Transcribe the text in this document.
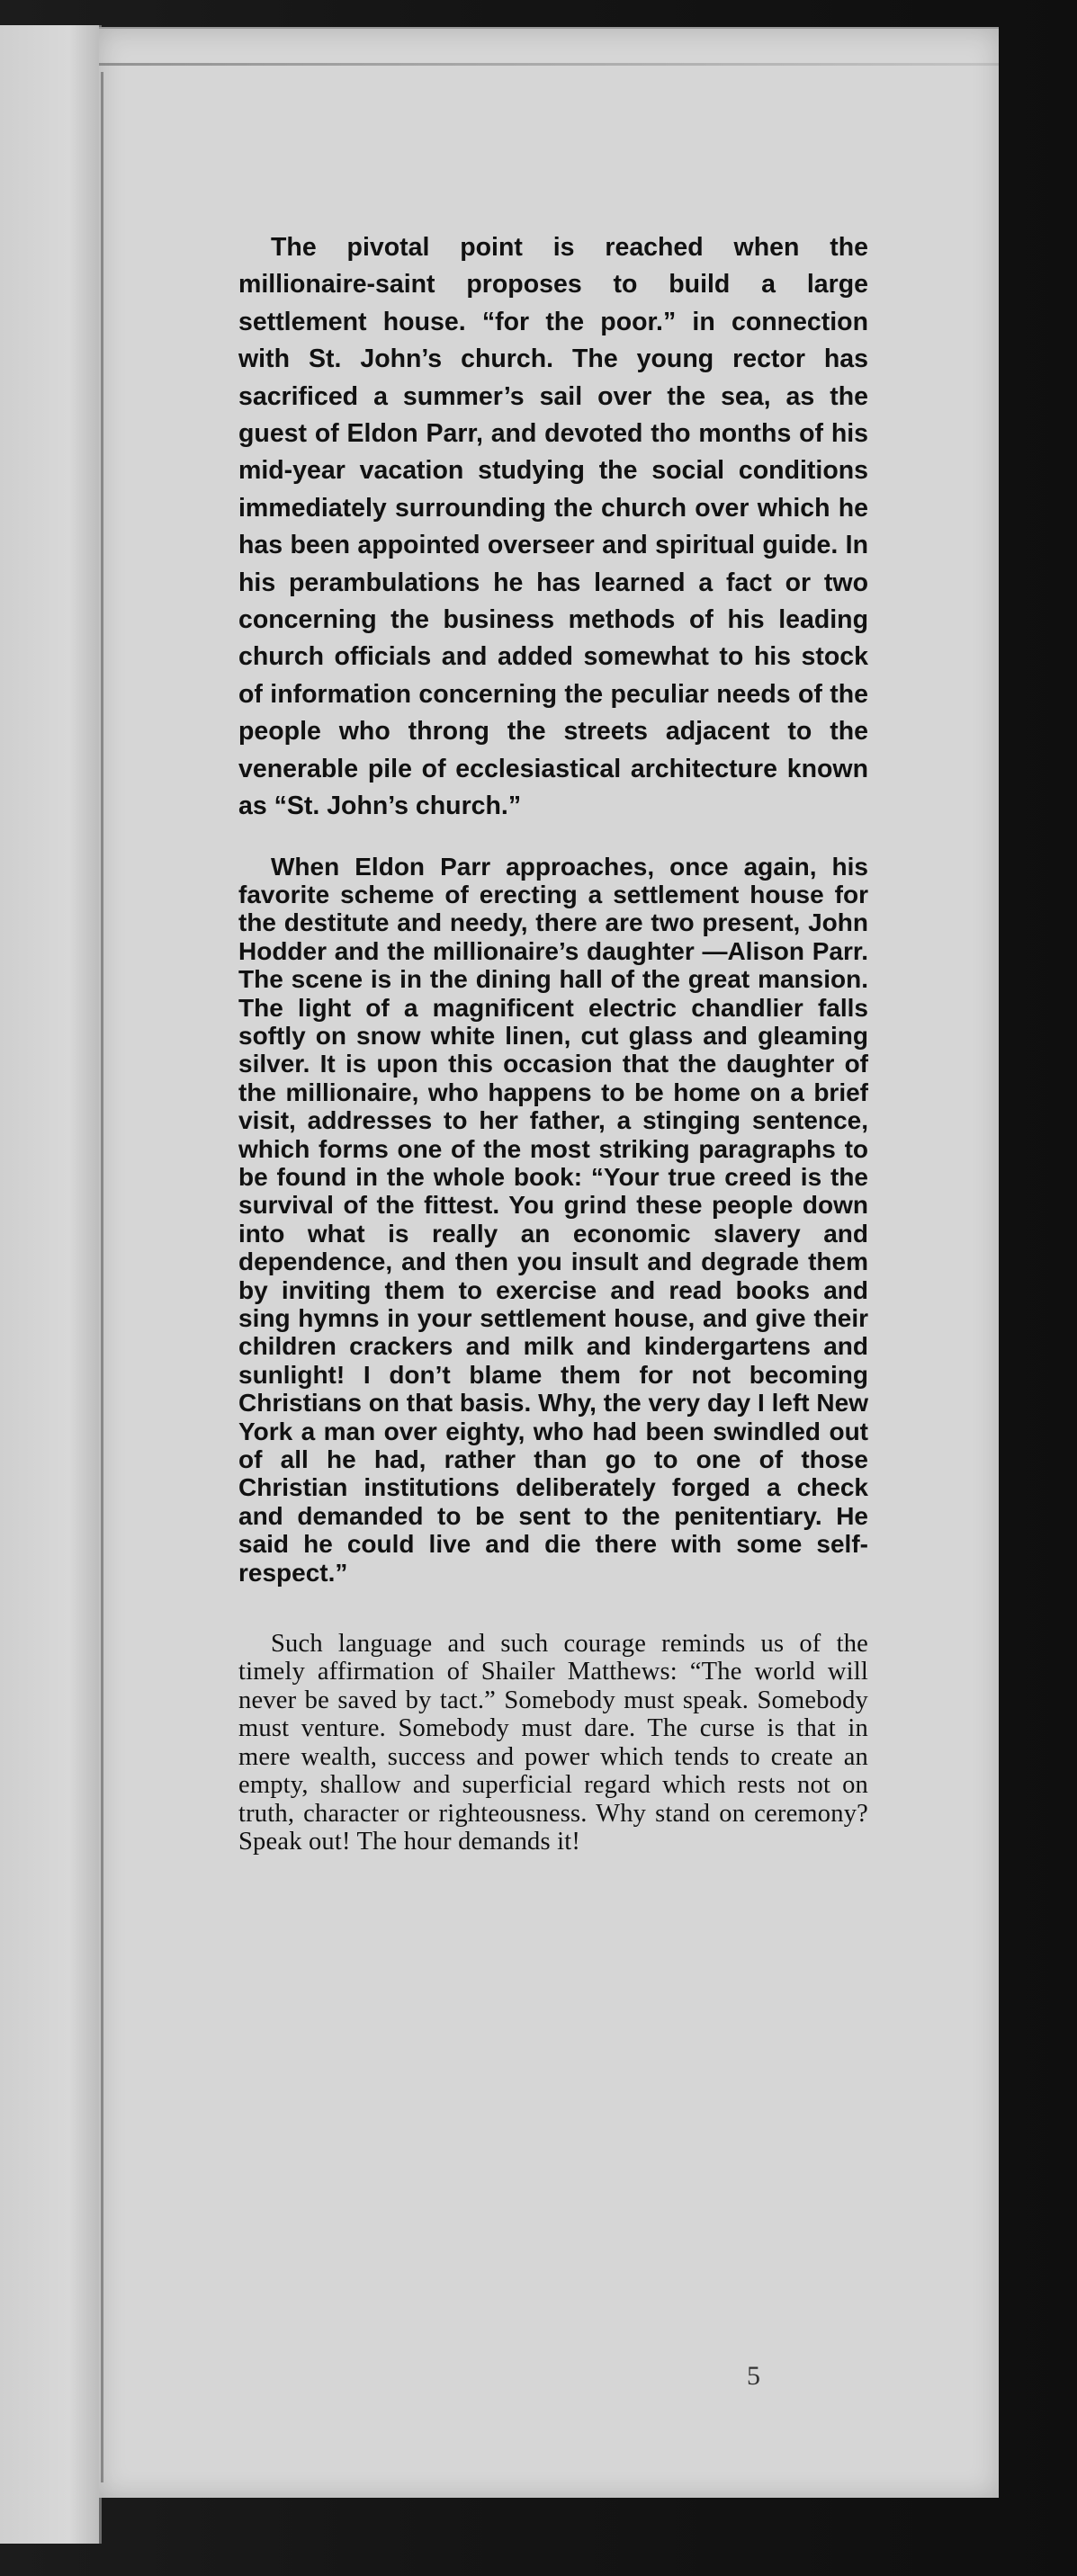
The pivotal point is reached when the millionaire-saint proposes to build a large settlement house. “for the poor.” in connection with St. John’s church. The young rector has sacrificed a summer’s sail over the sea, as the guest of Eldon Parr, and devoted tho months of his mid-year vacation studying the social conditions immediately surrounding the church over which he has been appointed overseer and spiritual guide. In his perambulations he has learned a fact or two concerning the business methods of his leading church officials and added somewhat to his stock of information concerning the peculiar needs of the people who throng the streets adjacent to the venerable pile of ecclesiastical architecture known as “St. John’s church.”

When Eldon Parr approaches, once again, his favorite scheme of erecting a settlement house for the destitute and needy, there are two present, John Hodder and the millionaire’s daughter —Alison Parr. The scene is in the dining hall of the great mansion. The light of a magnificent electric chandlier falls softly on snow white linen, cut glass and gleaming silver. It is upon this occasion that the daughter of the millionaire, who happens to be home on a brief visit, addresses to her father, a stinging sentence, which forms one of the most striking paragraphs to be found in the whole book: “Your true creed is the survival of the fittest. You grind these people down into what is really an economic slavery and dependence, and then you insult and degrade them by inviting them to exercise and read books and sing hymns in your settlement house, and give their children crackers and milk and kindergartens and sunlight! I don’t blame them for not becoming Christians on that basis. Why, the very day I left New York a man over eighty, who had been swindled out of all he had, rather than go to one of those Christian institutions deliberately forged a check and demanded to be sent to the penitentiary. He said he could live and die there with some self-respect.”

Such language and such courage reminds us of the timely affirmation of Shailer Matthews: “The world will never be saved by tact.” Somebody must speak. Somebody must venture. Somebody must dare. The curse is that in mere wealth, success and power which tends to create an empty, shallow and superficial regard which rests not on truth, character or righteousness. Why stand on ceremony? Speak out! The hour demands it!

5
